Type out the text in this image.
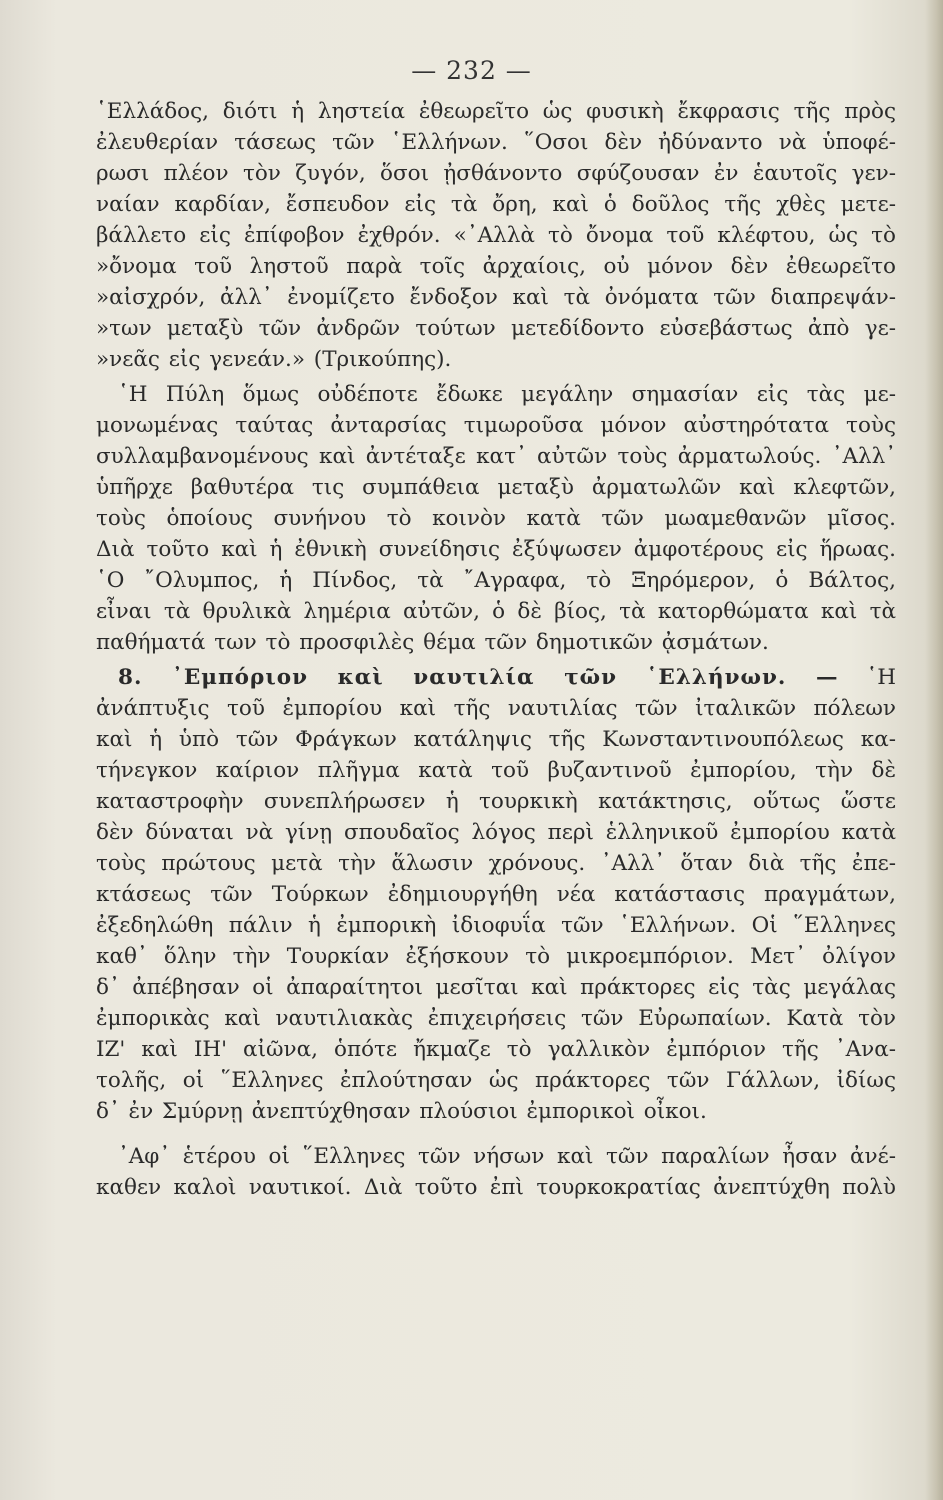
— 232 —
῾Ελλάδος, διότι ἡ ληστεία ἐθεωρεῖτο ὡς φυσικὴ ἔκφρασις τῆς πρὸς
ἐλευθερίαν τάσεως τῶν ῾Ελλήνων. ῞Οσοι δὲν ἠδύναντο νὰ ὑποφέ-
ρωσι πλέον τὸν ζυγόν, ὅσοι ᾐσθάνοντο σφύζουσαν ἐν ἑαυτοῖς γεν-
ναίαν καρδίαν, ἔσπευδον εἰς τὰ ὄρη, καὶ ὁ δοῦλος τῆς χθὲς μετε-
βάλλετο εἰς ἐπίφοβον ἐχθρόν. «᾿Αλλὰ τὸ ὄνομα τοῦ κλέφτου, ὡς τὸ
»ὄνομα τοῦ ληστοῦ παρὰ τοῖς ἀρχαίοις, οὐ μόνον δὲν ἐθεωρεῖτο
»αἰσχρόν, ἀλλ᾿ ἐνομίζετο ἔνδοξον καὶ τὰ ὀνόματα τῶν διαπρεψάν-
»των μεταξὺ τῶν ἀνδρῶν τούτων μετεδίδοντο εὐσεβάστως ἀπὸ γε-
»νεᾶς εἰς γενεάν.» (Τρικούπης).
῾Η Πύλη ὅμως οὐδέποτε ἔδωκε μεγάλην σημασίαν εἰς τὰς με-
μονωμένας ταύτας ἀνταρσίας τιμωροῦσα μόνον αὐστηρότατα τοὺς
συλλαμβανομένους καὶ ἀντέταξε κατ᾿ αὐτῶν τοὺς ἀρματωλούς. ᾿Αλλ᾿
ὑπῆρχε βαθυτέρα τις συμπάθεια μεταξὺ ἀρματωλῶν καὶ κλεφτῶν,
τοὺς ὁποίους συνήνου τὸ κοινὸν κατὰ τῶν μωαμεθανῶν μῖσος.
Διὰ τοῦτο καὶ ἡ ἐθνικὴ συνείδησις ἐξύψωσεν ἀμφοτέρους εἰς ἥρωας.
῾Ο ῎Ολυμπος, ἡ Πίνδος, τὰ ῎Αγραφα, τὸ Ξηρόμερον, ὁ Βάλτος,
εἶναι τὰ θρυλικὰ λημέρια αὐτῶν, ὁ δὲ βίος, τὰ κατορθώματα καὶ τὰ
παθήματά των τὸ προσφιλὲς θέμα τῶν δημοτικῶν ᾀσμάτων.
8. ᾿Εμπόριον καὶ ναυτιλία τῶν ῾Ελλήνων. — ῾Η
ἀνάπτυξις τοῦ ἐμπορίου καὶ τῆς ναυτιλίας τῶν ἰταλικῶν πόλεων
καὶ ἡ ὑπὸ τῶν Φράγκων κατάληψις τῆς Κωνσταντινουπόλεως κα-
τήνεγκον καίριον πλῆγμα κατὰ τοῦ βυζαντινοῦ ἐμπορίου, τὴν δὲ
καταστροφὴν συνεπλήρωσεν ἡ τουρκικὴ κατάκτησις, οὕτως ὥστε
δὲν δύναται νὰ γίνῃ σπουδαῖος λόγος περὶ ἑλληνικοῦ ἐμπορίου κατὰ
τοὺς πρώτους μετὰ τὴν ἅλωσιν χρόνους. ᾿Αλλ᾿ ὅταν διὰ τῆς ἐπε-
κτάσεως τῶν Τούρκων ἐδημιουργήθη νέα κατάστασις πραγμάτων,
ἐξεδηλώθη πάλιν ἡ ἐμπορικὴ ἰδιοφυΐα τῶν ῾Ελλήνων. Οἱ ῞Ελληνες
καθ᾿ ὅλην τὴν Τουρκίαν ἐξήσκουν τὸ μικροεμπόριον. Μετ᾿ ὀλίγον
δ᾿ ἀπέβησαν οἱ ἀπαραίτητοι μεσῖται καὶ πράκτορες εἰς τὰς μεγάλας
ἐμπορικὰς καὶ ναυτιλιακὰς ἐπιχειρήσεις τῶν Εὐρωπαίων. Κατὰ τὸν
ΙΖ' καὶ ΙΗ' αἰῶνα, ὁπότε ἤκμαζε τὸ γαλλικὸν ἐμπόριον τῆς ᾿Ανα-
τολῆς, οἱ ῞Ελληνες ἐπλούτησαν ὡς πράκτορες τῶν Γάλλων, ἰδίως
δ᾿ ἐν Σμύρνῃ ἀνεπτύχθησαν πλούσιοι ἐμπορικοὶ οἶκοι.
᾿Αφ᾿ ἑτέρου οἱ ῞Ελληνες τῶν νήσων καὶ τῶν παραλίων ἦσαν ἀνέ-
καθεν καλοὶ ναυτικοί. Διὰ τοῦτο ἐπὶ τουρκοκρατίας ἀνεπτύχθη πολὺ
